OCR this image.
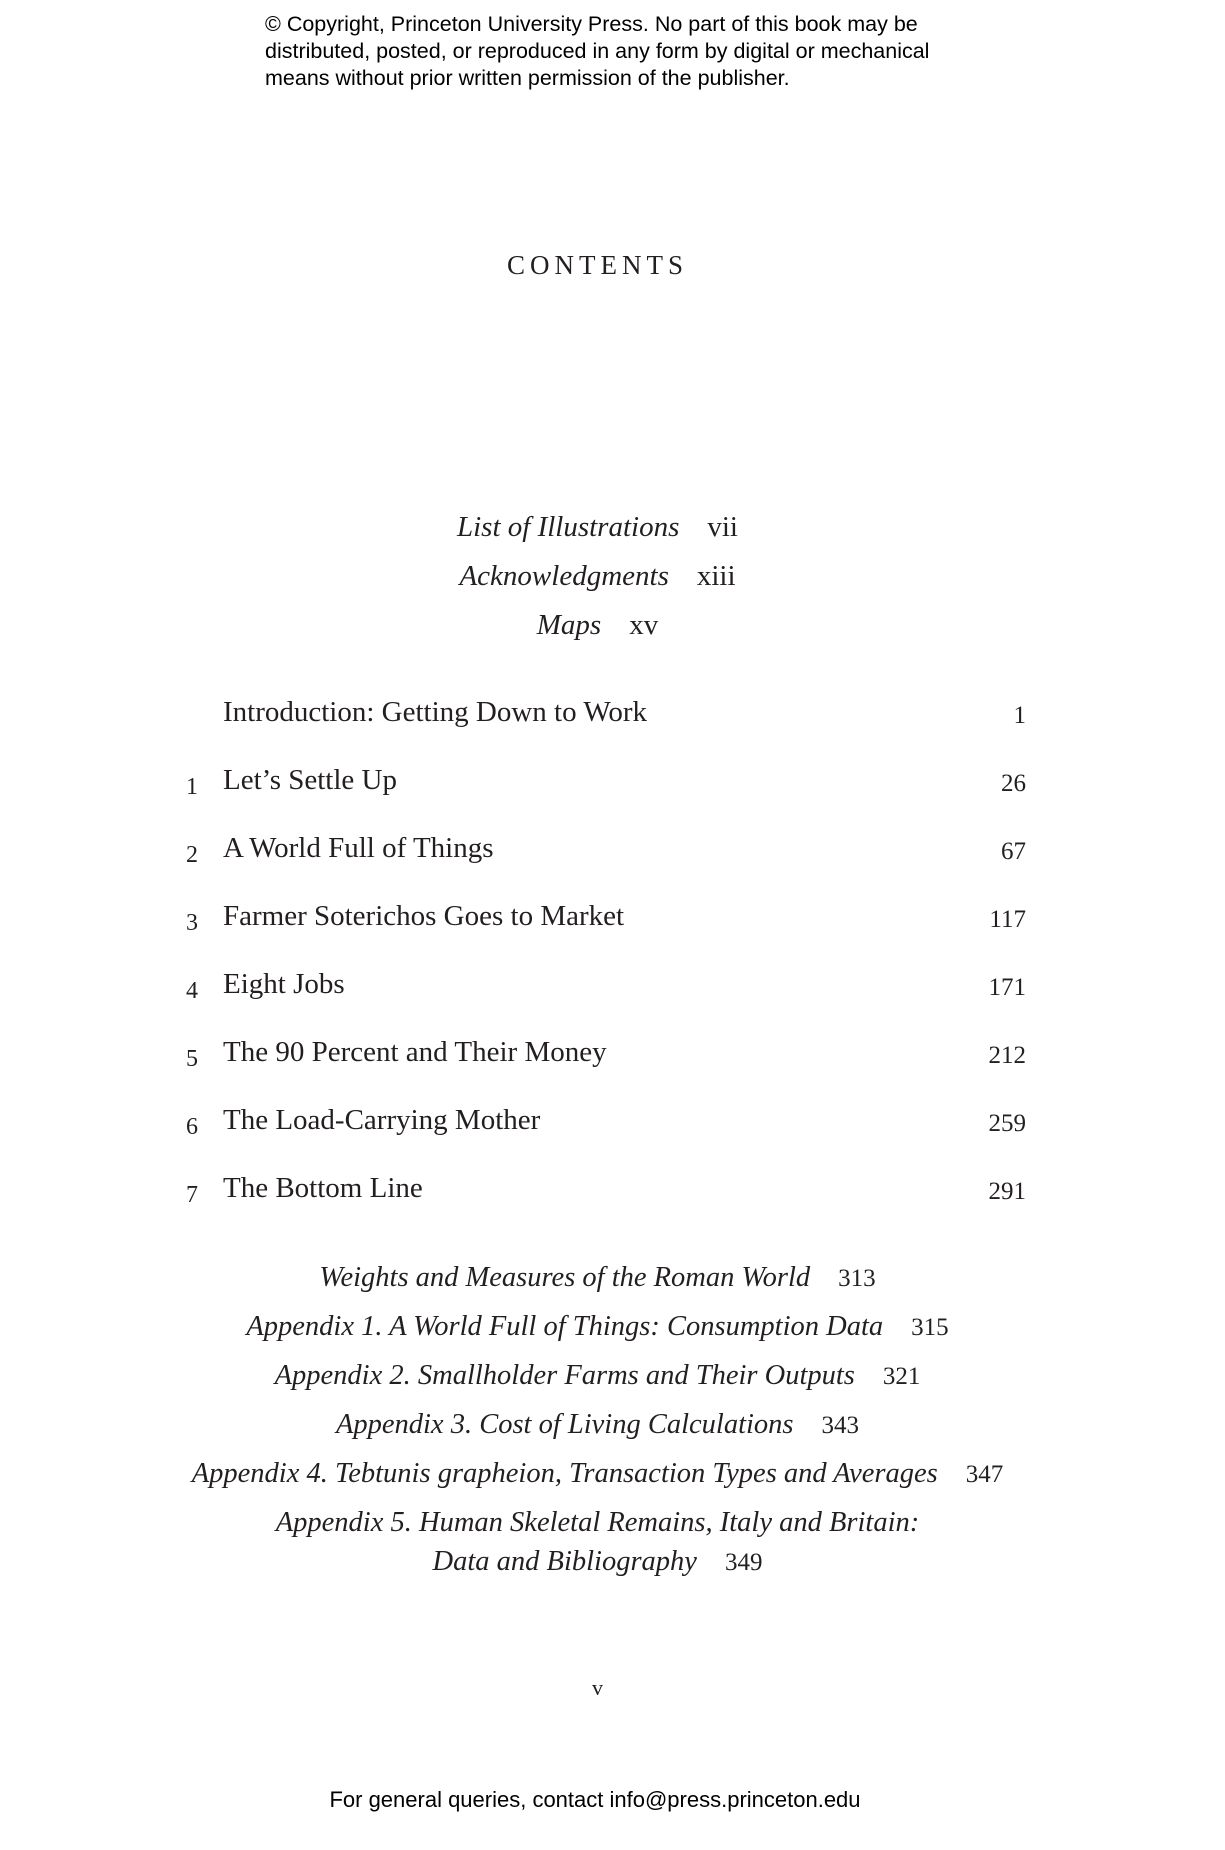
© Copyright, Princeton University Press. No part of this book may be
distributed, posted, or reproduced in any form by digital or mechanical
means without prior written permission of the publisher.
CONTENTS
List of Illustrations vii
Acknowledgments xiii
Maps xv
Introduction: Getting Down to Work	1
1 Let’s Settle Up	26
2 A World Full of Things	67
3 Farmer Soterichos Goes to Market	117
4 Eight Jobs	171
5 The 90 Percent and Their Money	212
6 The Load-Carrying Mother	259
7 The Bottom Line	291
Weights and Measures of the Roman World 313
Appendix 1. A World Full of Things: Consumption Data 315
Appendix 2. Smallholder Farms and Their Outputs 321
Appendix 3. Cost of Living Calculations 343
Appendix 4. Tebtunis grapheion, Transaction Types and Averages 347
Appendix 5. Human Skeletal Remains, Italy and Britain:
Data and Bibliography 349
v
For general queries, contact info@press.princeton.edu
